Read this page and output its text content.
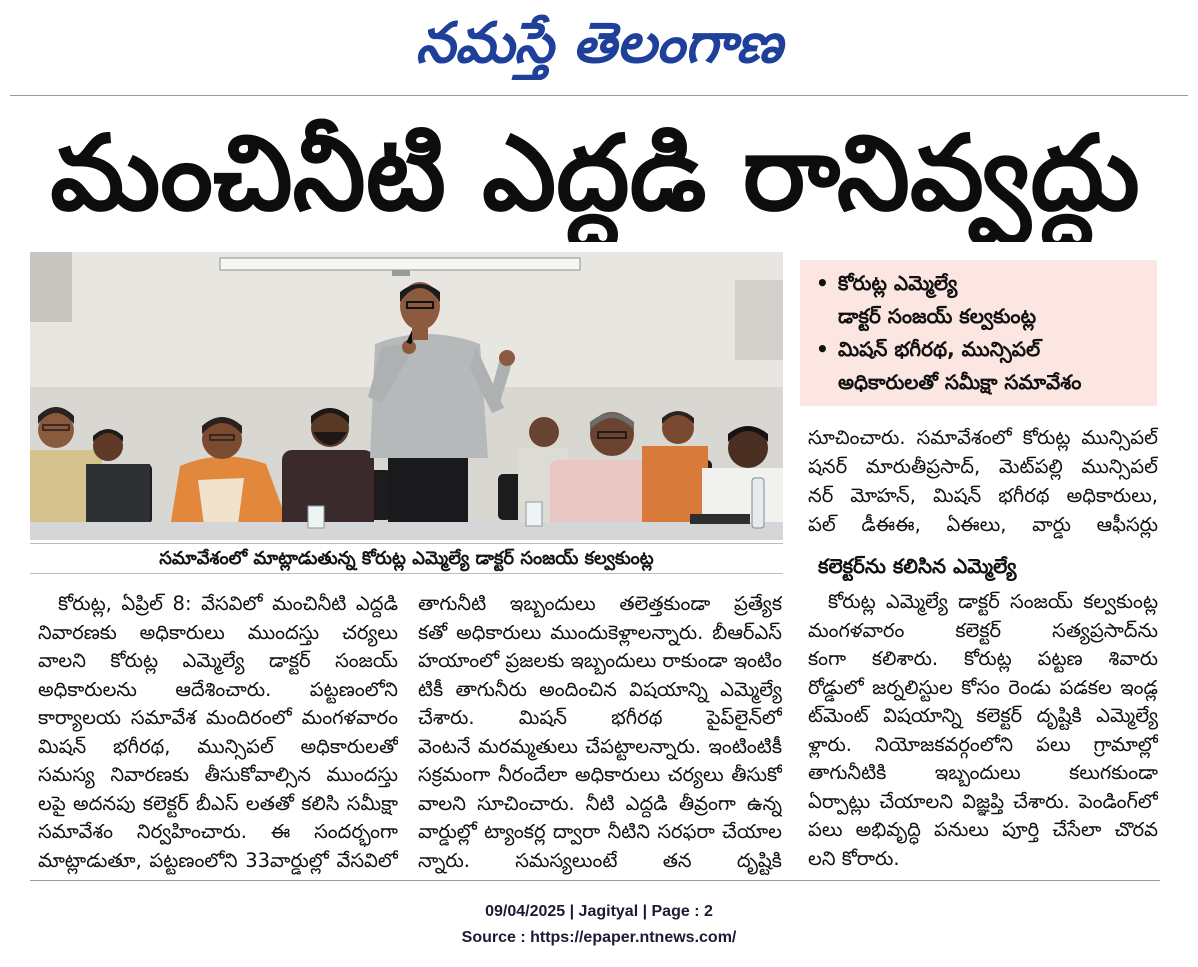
నమస్తే తెలంగాణ
మంచినీటి ఎద్దడి రానివ్వద్దు
సమావేశంలో మాట్లాడుతున్న కోరుట్ల ఎమ్మెల్యే డాక్టర్ సంజయ్ కల్వకుంట్ల
• కోరుట్ల ఎమ్మెల్యే
డాక్టర్ సంజయ్ కల్వకుంట్ల
• మిషన్ భగీరథ, మున్సిపల్
అధికారులతో సమీక్షా సమావేశం
కోరుట్ల, ఏప్రిల్ 8: వేసవిలో మంచినీటి ఎద్దడి
నివారణకు అధికారులు ముందస్తు చర్యలు
వాలని కోరుట్ల ఎమ్మెల్యే డాక్టర్ సంజయ్
అధికారులను ఆదేశించారు. పట్టణంలోని
కార్యాలయ సమావేశ మందిరంలో మంగళవారం
మిషన్ భగీరథ, మున్సిపల్ అధికారులతో
సమస్య నివారణకు తీసుకోవాల్సిన ముందస్తు
లపై అదనపు కలెక్టర్ బీఎస్ లతతో కలిసి సమీక్షా
సమావేశం నిర్వహించారు. ఈ సందర్భంగా
మాట్లాడుతూ, పట్టణంలోని 33వార్డుల్లో వేసవిలో
తాగునీటి ఇబ్బందులు తలెత్తకుండా ప్రత్యేక
కతో అధికారులు ముందుకెళ్లాలన్నారు. బీఆర్ఎస్
హయాంలో ప్రజలకు ఇబ్బందులు రాకుండా ఇంటిం
టికీ తాగునీరు అందించిన విషయాన్ని ఎమ్మెల్యే
చేశారు. మిషన్ భగీరథ పైప్‌లైన్‌లో
వెంటనే మరమ్మతులు చేపట్టాలన్నారు. ఇంటింటికీ
సక్రమంగా నీరందేలా అధికారులు చర్యలు తీసుకో
వాలని సూచించారు. నీటి ఎద్దడి తీవ్రంగా ఉన్న
వార్డుల్లో ట్యాంకర్ల ద్వారా నీటిని సరఫరా చేయాల
న్నారు. సమస్యలుంటే తన దృష్టికి
సూచించారు. సమావేశంలో కోరుట్ల మున్సిపల్
షనర్ మారుతీప్రసాద్, మెట్‌పల్లి మున్సిపల్
నర్ మోహన్, మిషన్ భగీరథ అధికారులు,
పల్ డీఈఈ, ఏఈలు, వార్డు ఆఫీసర్లు
కలెక్టర్‌ను కలిసిన ఎమ్మెల్యే
కోరుట్ల ఎమ్మెల్యే డాక్టర్ సంజయ్ కల్వకుంట్ల
మంగళవారం కలెక్టర్ సత్యప్రసాద్‌ను
కంగా కలిశారు. కోరుట్ల పట్టణ శివారు
రోడ్డులో జర్నలిస్టుల కోసం రెండు పడకల ఇండ్ల
ట్‌మెంట్ విషయాన్ని కలెక్టర్ దృష్టికి ఎమ్మెల్యే
ళ్లారు. నియోజకవర్గంలోని పలు గ్రామాల్లో
తాగునీటికి ఇబ్బందులు కలుగకుండా
ఏర్పాట్లు చేయాలని విజ్ఞప్తి చేశారు. పెండింగ్‌లో
పలు అభివృద్ధి పనులు పూర్తి చేసేలా చొరవ
లని కోరారు.
09/04/2025 | Jagityal | Page : 2
Source : https://epaper.ntnews.com/
